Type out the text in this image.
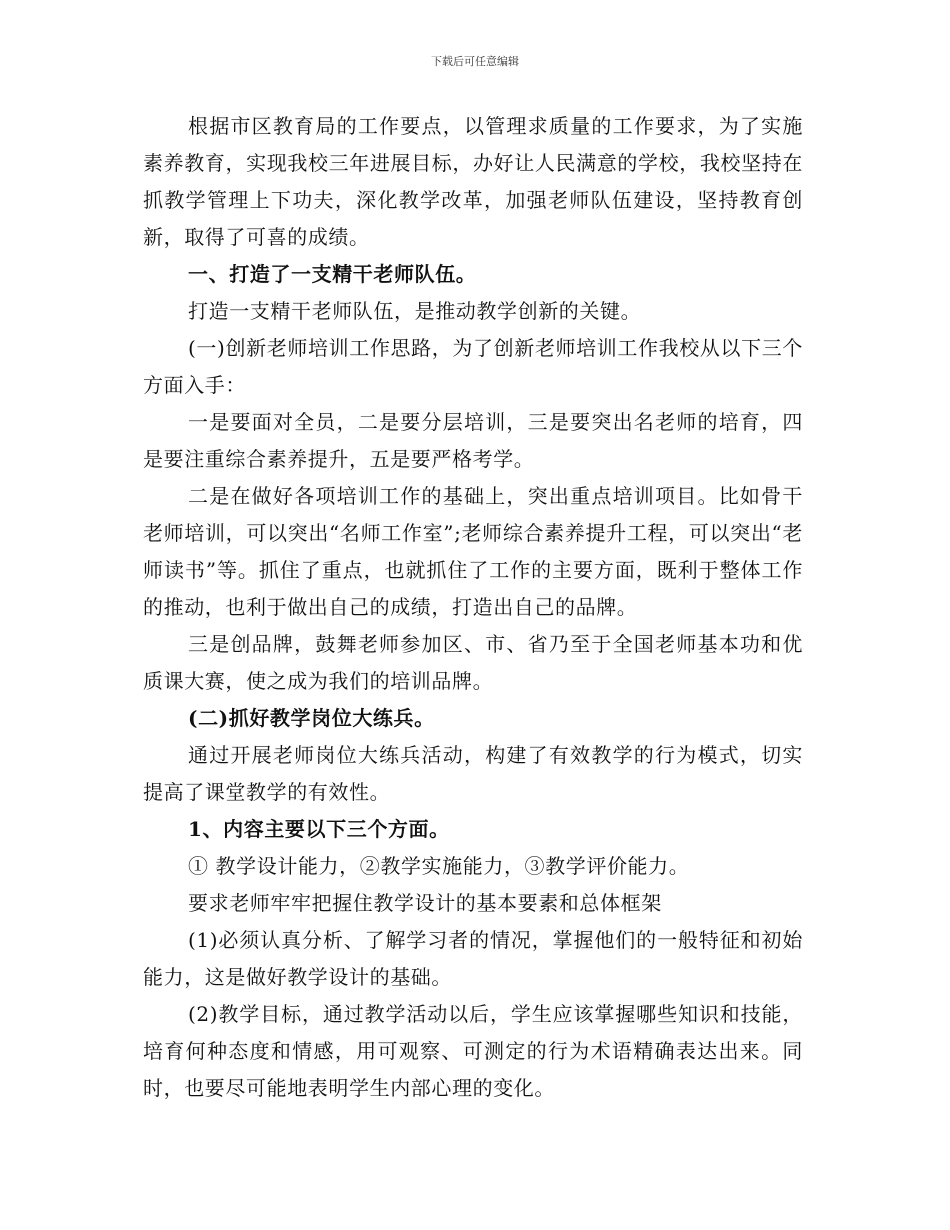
下载后可任意编辑

根据市区教育局的工作要点，以管理求质量的工作要求，为了实施素养教育，实现我校三年进展目标，办好让人民满意的学校，我校坚持在抓教学管理上下功夫，深化教学改革，加强老师队伍建设，坚持教育创新，取得了可喜的成绩。

一、打造了一支精干老师队伍。

打造一支精干老师队伍，是推动教学创新的关键。

(一)创新老师培训工作思路，为了创新老师培训工作我校从以下三个方面入手：

一是要面对全员，二是要分层培训，三是要突出名老师的培育，四是要注重综合素养提升，五是要严格考学。

二是在做好各项培训工作的基础上，突出重点培训项目。比如骨干老师培训，可以突出“名师工作室”;老师综合素养提升工程，可以突出“老师读书”等。抓住了重点，也就抓住了工作的主要方面，既利于整体工作的推动，也利于做出自己的成绩，打造出自己的品牌。

三是创品牌，鼓舞老师参加区、市、省乃至于全国老师基本功和优质课大赛，使之成为我们的培训品牌。

(二)抓好教学岗位大练兵。

通过开展老师岗位大练兵活动，构建了有效教学的行为模式，切实提高了课堂教学的有效性。

1、内容主要以下三个方面。

① 教学设计能力，②教学实施能力，③教学评价能力。

要求老师牢牢把握住教学设计的基本要素和总体框架

(1)必须认真分析、了解学习者的情况，掌握他们的一般特征和初始能力，这是做好教学设计的基础。

(2)教学目标，通过教学活动以后，学生应该掌握哪些知识和技能，培育何种态度和情感，用可观察、可测定的行为术语精确表达出来。同时，也要尽可能地表明学生内部心理的变化。
